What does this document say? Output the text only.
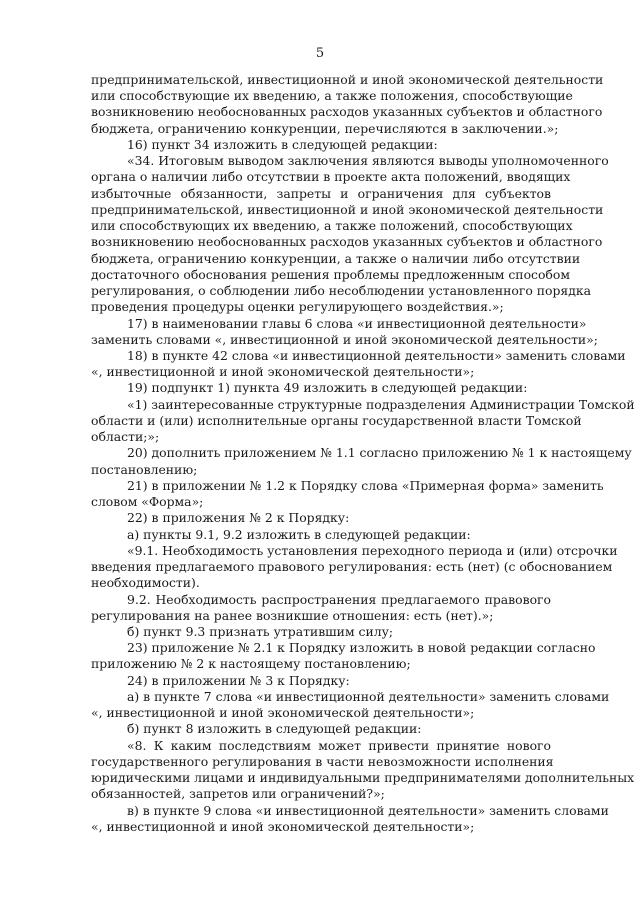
5
предпринимательской, инвестиционной и иной экономической деятельности
или способствующие их введению, а также положения, способствующие
возникновению необоснованных расходов указанных субъектов и областного
бюджета, ограничению конкуренции, перечисляются в заключении.»;
16) пункт 34 изложить в следующей редакции:
«34. Итоговым выводом заключения являются выводы уполномоченного
органа о наличии либо отсутствии в проекте акта положений, вводящих
избыточные обязанности, запреты и ограничения для субъектов
предпринимательской, инвестиционной и иной экономической деятельности
или способствующих их введению, а также положений, способствующих
возникновению необоснованных расходов указанных субъектов и областного
бюджета, ограничению конкуренции, а также о наличии либо отсутствии
достаточного обоснования решения проблемы предложенным способом
регулирования, о соблюдении либо несоблюдении установленного порядка
проведения процедуры оценки регулирующего воздействия.»;
17) в наименовании главы 6 слова «и инвестиционной деятельности»
заменить словами «, инвестиционной и иной экономической деятельности»;
18) в пункте 42 слова «и инвестиционной деятельности» заменить словами
«, инвестиционной и иной экономической деятельности»;
19) подпункт 1) пункта 49 изложить в следующей редакции:
«1) заинтересованные структурные подразделения Администрации Томской
области и (или) исполнительные органы государственной власти Томской
области;»;
20) дополнить приложением № 1.1 согласно приложению № 1 к настоящему
постановлению;
21) в приложении № 1.2 к Порядку слова «Примерная форма» заменить
словом «Форма»;
22) в приложения № 2 к Порядку:
а) пункты 9.1, 9.2 изложить в следующей редакции:
«9.1. Необходимость установления переходного периода и (или) отсрочки
введения предлагаемого правового регулирования: есть (нет) (с обоснованием
необходимости).
9.2. Необходимость распространения предлагаемого правового
регулирования на ранее возникшие отношения: есть (нет).»;
б) пункт 9.3 признать утратившим силу;
23) приложение № 2.1 к Порядку изложить в новой редакции согласно
приложению № 2 к настоящему постановлению;
24) в приложении № 3 к Порядку:
а) в пункте 7 слова «и инвестиционной деятельности» заменить словами
«, инвестиционной и иной экономической деятельности»;
б) пункт 8 изложить в следующей редакции:
«8. К каким последствиям может привести принятие нового
государственного регулирования в части невозможности исполнения
юридическими лицами и индивидуальными предпринимателями дополнительных
обязанностей, запретов или ограничений?»;
в) в пункте 9 слова «и инвестиционной деятельности» заменить словами
«, инвестиционной и иной экономической деятельности»;
